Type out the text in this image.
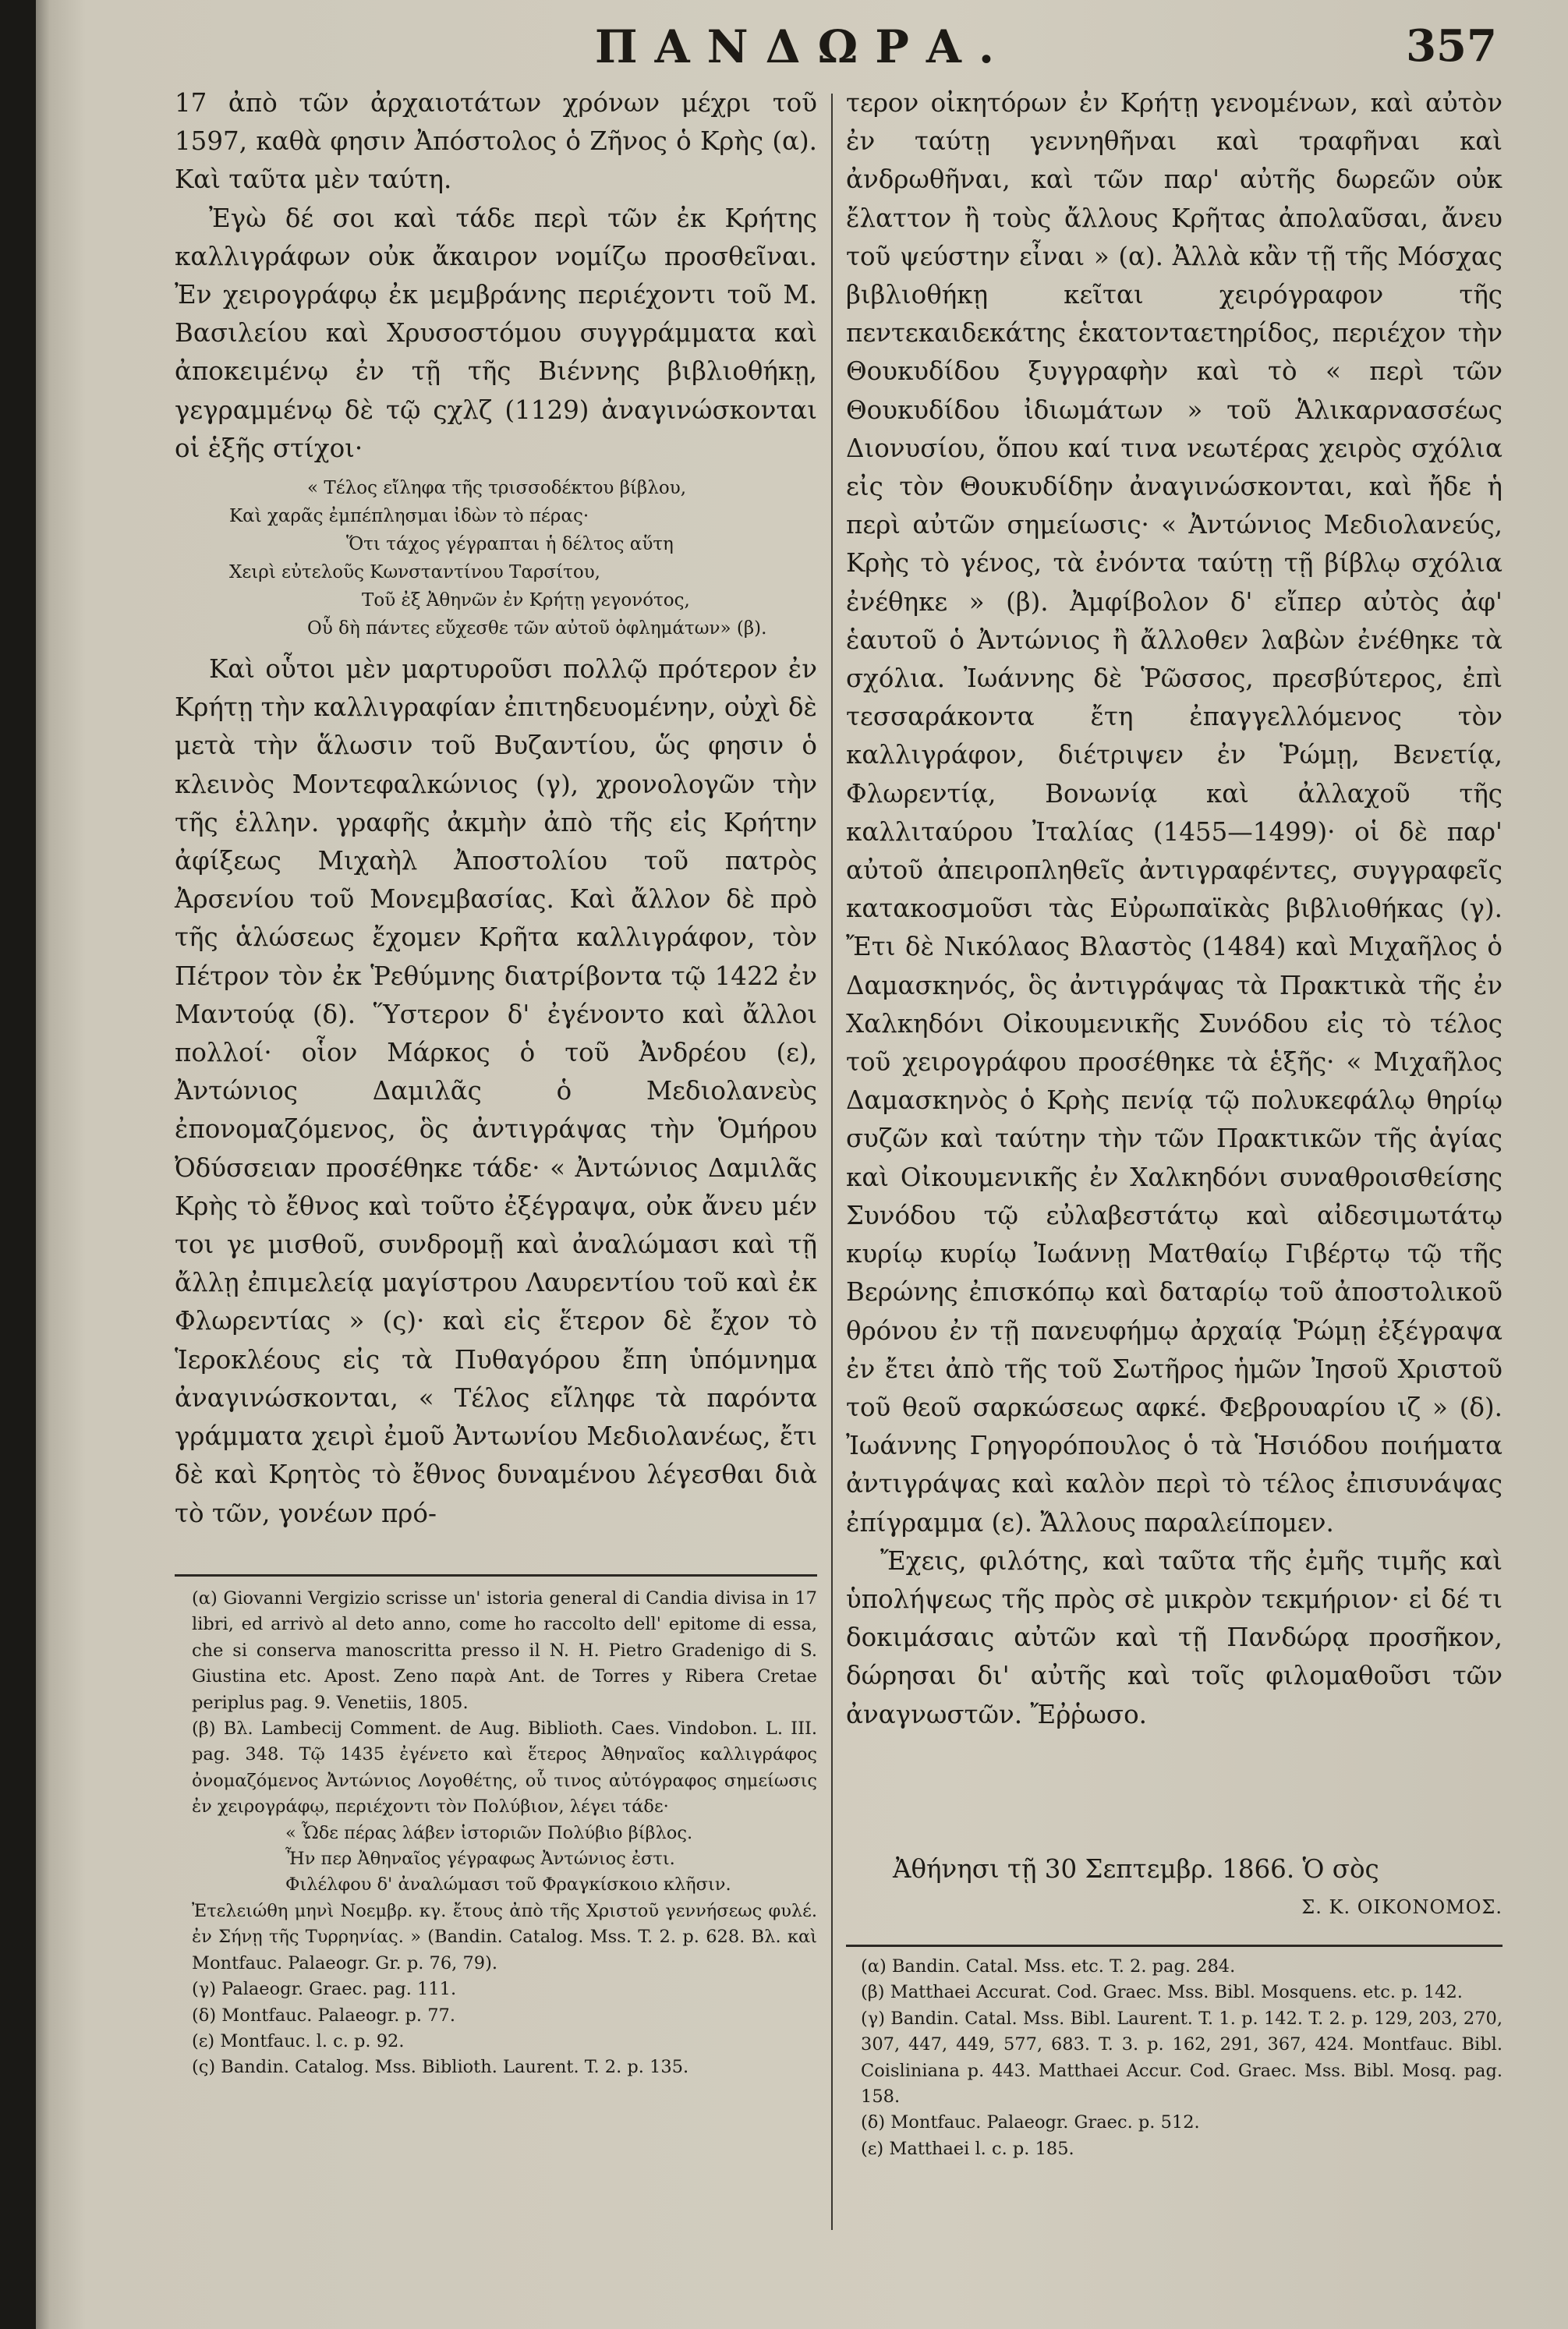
ΠΑΝΔΩΡΑ.	357

17 ἀπὸ τῶν ἀρχαιοτάτων χρόνων μέχρι τοῦ 1597, καθὰ φησιν Ἀπόστολος ὁ Ζῆνος ὁ Κρὴς (α). Καὶ ταῦτα μὲν ταύτη.

Ἐγὼ δέ σοι καὶ τάδε περὶ τῶν ἐκ Κρήτης καλλιγράφων οὐκ ἄκαιρον νομίζω προσθεῖναι. Ἐν χειρογράφῳ ἐκ μεμβράνης περιέχοντι τοῦ Μ. Βασιλείου καὶ Χρυσοστόμου συγγράμματα καὶ ἀποκειμένῳ ἐν τῇ τῆς Βιέννης βιβλιοθήκῃ, γεγραμμένῳ δὲ τῷ ςχλζ (1129) ἀναγινώσκονται οἱ ἑξῆς στίχοι·

« Τέλος εἴληφα τῆς τρισσοδέκτου βίβλου,
Καὶ χαρᾶς ἐμπέπλησμαι ἰδὼν τὸ πέρας·
Ὅτι τάχος γέγραπται ἡ δέλτος αὕτη
Χειρὶ εὐτελοῦς Κωνσταντίνου Ταρσίτου,
Τοῦ ἐξ Ἀθηνῶν ἐν Κρήτῃ γεγονότος,
Οὗ δὴ πάντες εὔχεσθε τῶν αὐτοῦ ὀφλημάτων» (β).

Καὶ οὗτοι μὲν μαρτυροῦσι πολλῷ πρότερον ἐν Κρήτῃ τὴν καλλιγραφίαν ἐπιτηδευομένην, οὐχὶ δὲ μετὰ τὴν ἅλωσιν τοῦ Βυζαντίου, ὥς φησιν ὁ κλεινὸς Μοντεφαλκώνιος (γ), χρονολογῶν τὴν τῆς ἑλλην. γραφῆς ἀκμὴν ἀπὸ τῆς εἰς Κρήτην ἀφίξεως Μιχαὴλ Ἀποστολίου τοῦ πατρὸς Ἀρσενίου τοῦ Μονεμβασίας. Καὶ ἄλλον δὲ πρὸ τῆς ἁλώσεως ἔχομεν Κρῆτα καλλιγράφον, τὸν Πέτρον τὸν ἐκ Ῥεθύμνης διατρίβοντα τῷ 1422 ἐν Μαντούᾳ (δ). Ὕστερον δ' ἐγένοντο καὶ ἄλλοι πολλοί· οἷον Μάρκος ὁ τοῦ Ἀνδρέου (ε), Ἀντώνιος Δαμιλᾶς ὁ Μεδιολανεὺς ἐπονομαζόμενος, ὃς ἀντιγράψας τὴν Ὁμήρου Ὀδύσσειαν προσέθηκε τάδε· « Ἀντώνιος Δαμιλᾶς Κρὴς τὸ ἔθνος καὶ τοῦτο ἐξέγραψα, οὐκ ἄνευ μέν τοι γε μισθοῦ, συνδρομῇ καὶ ἀναλώμασι καὶ τῇ ἄλλῃ ἐπιμελείᾳ μαγίστρου Λαυρεντίου τοῦ καὶ ἐκ Φλωρεντίας » (ς)· καὶ εἰς ἕτερον δὲ ἔχον τὸ Ἱεροκλέους εἰς τὰ Πυθαγόρου ἔπη ὑπόμνημα ἀναγινώσκονται, « Τέλος εἴληφε τὰ παρόντα γράμματα χειρὶ ἐμοῦ Ἀντωνίου Μεδιολανέως, ἔτι δὲ καὶ Κρητὸς τὸ ἔθνος δυναμένου λέγεσθαι διὰ τὸ τῶν, γονέων πρό-

(α) Giovanni Vergizio scrisse un' istoria general di Candia divisa in 17 libri, ed arrivò al deto anno, come ho raccolto dell' epitome di essa, che si conserva manoscritta presso il N. H. Pietro Gradenigo di S. Giustina etc. Apost. Zeno παρὰ Ant. de Torres y Ribera Cretae periplus pag. 9. Venetiis, 1805.

(β) Βλ. Lambecij Comment. de Aug. Biblioth. Caes. Vindobon. L. III. pag. 348. Τῷ 1435 ἐγένετο καὶ ἕτερος Ἀθηναῖος καλλιγράφος ὀνομαζόμενος Ἀντώνιος Λογοθέτης, οὗ τινος αὐτόγραφος σημείωσις ἐν χειρογράφῳ, περιέχοντι τὸν Πολύβιον, λέγει τάδε·

« Ὧδε πέρας λάβεν ἱστοριῶν Πολύβιο βίβλος.

Ἦν περ Ἀθηναῖος γέγραφως Ἀντώνιος ἐστι.

Φιλέλφου δ' ἀναλώμασι τοῦ Φραγκίσκοιο κλῆσιν.

Ἐτελειώθη μηνὶ Νοεμβρ. κγ. ἔτους ἀπὸ τῆς Χριστοῦ γεννήσεως φυλέ. ἐν Σήνῃ τῆς Τυρρηνίας. » (Bandin. Catalog. Mss. T. 2. p. 628. Βλ. καὶ Montfauc. Palaeogr. Gr. p. 76, 79).

(γ) Palaeogr. Graec. pag. 111.

(δ) Montfauc. Palaeogr. p. 77.

(ε) Montfauc. l. c. p. 92.

(ς) Bandin. Catalog. Mss. Biblioth. Laurent. T. 2. p. 135.

τερον οἰκητόρων ἐν Κρήτῃ γενομένων, καὶ αὐτὸν ἐν ταύτῃ γεννηθῆναι καὶ τραφῆναι καὶ ἀνδρωθῆναι, καὶ τῶν παρ' αὐτῆς δωρεῶν οὐκ ἔλαττον ἢ τοὺς ἄλλους Κρῆτας ἀπολαῦσαι, ἄνευ τοῦ ψεύστην εἶναι » (α). Ἀλλὰ κἂν τῇ τῆς Μόσχας βιβλιοθήκῃ κεῖται χειρόγραφον τῆς πεντεκαιδεκάτης ἑκατονταετηρίδος, περιέχον τὴν Θουκυδίδου ξυγγραφὴν καὶ τὸ « περὶ τῶν Θουκυδίδου ἰδιωμάτων » τοῦ Ἁλικαρνασσέως Διονυσίου, ὅπου καί τινα νεωτέρας χειρὸς σχόλια εἰς τὸν Θουκυδίδην ἀναγινώσκονται, καὶ ἤδε ἡ περὶ αὐτῶν σημείωσις· « Ἀντώνιος Μεδιολανεύς, Κρὴς τὸ γένος, τὰ ἐνόντα ταύτῃ τῇ βίβλῳ σχόλια ἐνέθηκε » (β). Ἀμφίβολον δ' εἴπερ αὐτὸς ἀφ' ἑαυτοῦ ὁ Ἀντώνιος ἢ ἄλλοθεν λαβὼν ἐνέθηκε τὰ σχόλια. Ἰωάννης δὲ Ῥῶσσος, πρεσβύτερος, ἐπὶ τεσσαράκοντα ἔτη ἐπαγγελλόμενος τὸν καλλιγράφον, διέτριψεν ἐν Ῥώμῃ, Βενετίᾳ, Φλωρεντίᾳ, Βονωνίᾳ καὶ ἀλλαχοῦ τῆς καλλιταύρου Ἰταλίας (1455—1499)· οἱ δὲ παρ' αὐτοῦ ἀπειροπληθεῖς ἀντιγραφέντες, συγγραφεῖς κατακοσμοῦσι τὰς Εὐρωπαϊκὰς βιβλιοθήκας (γ). Ἔτι δὲ Νικόλαος Βλαστὸς (1484) καὶ Μιχαῆλος ὁ Δαμασκηνός, ὃς ἀντιγράψας τὰ Πρακτικὰ τῆς ἐν Χαλκηδόνι Οἰκουμενικῆς Συνόδου εἰς τὸ τέλος τοῦ χειρογράφου προσέθηκε τὰ ἑξῆς· « Μιχαῆλος Δαμασκηνὸς ὁ Κρὴς πενίᾳ τῷ πολυκεφάλῳ θηρίῳ συζῶν καὶ ταύτην τὴν τῶν Πρακτικῶν τῆς ἁγίας καὶ Οἰκουμενικῆς ἐν Χαλκηδόνι συναθροισθείσης Συνόδου τῷ εὐλαβεστάτῳ καὶ αἰδεσιμωτάτῳ κυρίῳ κυρίῳ Ἰωάννῃ Ματθαίῳ Γιβέρτῳ τῷ τῆς Βερώνης ἐπισκόπῳ καὶ δαταρίῳ τοῦ ἀποστολικοῦ θρόνου ἐν τῇ πανευφήμῳ ἀρχαίᾳ Ῥώμῃ ἐξέγραψα ἐν ἔτει ἀπὸ τῆς τοῦ Σωτῆρος ἡμῶν Ἰησοῦ Χριστοῦ τοῦ θεοῦ σαρκώσεως αφκέ. Φεβρουαρίου ιζ » (δ). Ἰωάννης Γρηγορόπουλος ὁ τὰ Ἡσιόδου ποιήματα ἀντιγράψας καὶ καλὸν περὶ τὸ τέλος ἐπισυνάψας ἐπίγραμμα (ε). Ἄλλους παραλείπομεν.

Ἔχεις, φιλότης, καὶ ταῦτα τῆς ἐμῆς τιμῆς καὶ ὑπολήψεως τῆς πρὸς σὲ μικρὸν τεκμήριον· εἰ δέ τι δοκιμάσαις αὐτῶν καὶ τῇ Πανδώρᾳ προσῆκον, δώρησαι δι' αὐτῆς καὶ τοῖς φιλομαθοῦσι τῶν ἀναγνωστῶν. Ἔῤῥωσο.

Ἀθήνησι τῇ 30 Σεπτεμβρ. 1866. Ὁ σὸς
Σ. Κ. ΟΙΚΟΝΟΜΟΣ.

(α) Bandin. Catal. Mss. etc. T. 2. pag. 284.

(β) Matthaei Accurat. Cod. Graec. Mss. Bibl. Mosquens. etc. p. 142.

(γ) Bandin. Catal. Mss. Bibl. Laurent. T. 1. p. 142. T. 2. p. 129, 203, 270, 307, 447, 449, 577, 683. T. 3. p. 162, 291, 367, 424. Montfauc. Bibl. Coisliniana p. 443. Matthaei Accur. Cod. Graec. Mss. Bibl. Mosq. pag. 158.

(δ) Montfauc. Palaeogr. Graec. p. 512.

(ε) Matthaei l. c. p. 185.
